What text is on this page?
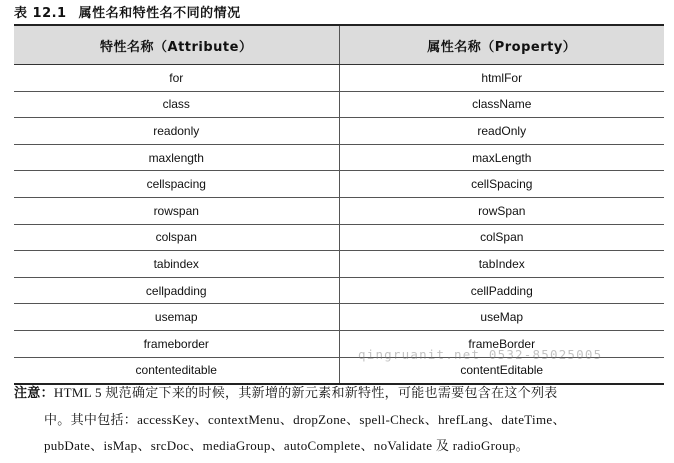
表 12.1 属性名和特性名不同的情况
特性名称（Attribute）	属性名称（Property）
for	htmlFor
class	className
readonly	readOnly
maxlength	maxLength
cellspacing	cellSpacing
rowspan	rowSpan
colspan	colSpan
tabindex	tabIndex
cellpadding	cellPadding
usemap	useMap
frameborder	frameBorder
contenteditable	contentEditable
qingruanit.net 0532-85025005
注意：HTML 5 规范确定下来的时候，其新增的新元素和新特性，可能也需要包含在这个列表
中。其中包括：accessKey、contextMenu、dropZone、spell-Check、hrefLang、dateTime、
pubDate、isMap、srcDoc、mediaGroup、autoComplete、noValidate 及 radioGroup。
